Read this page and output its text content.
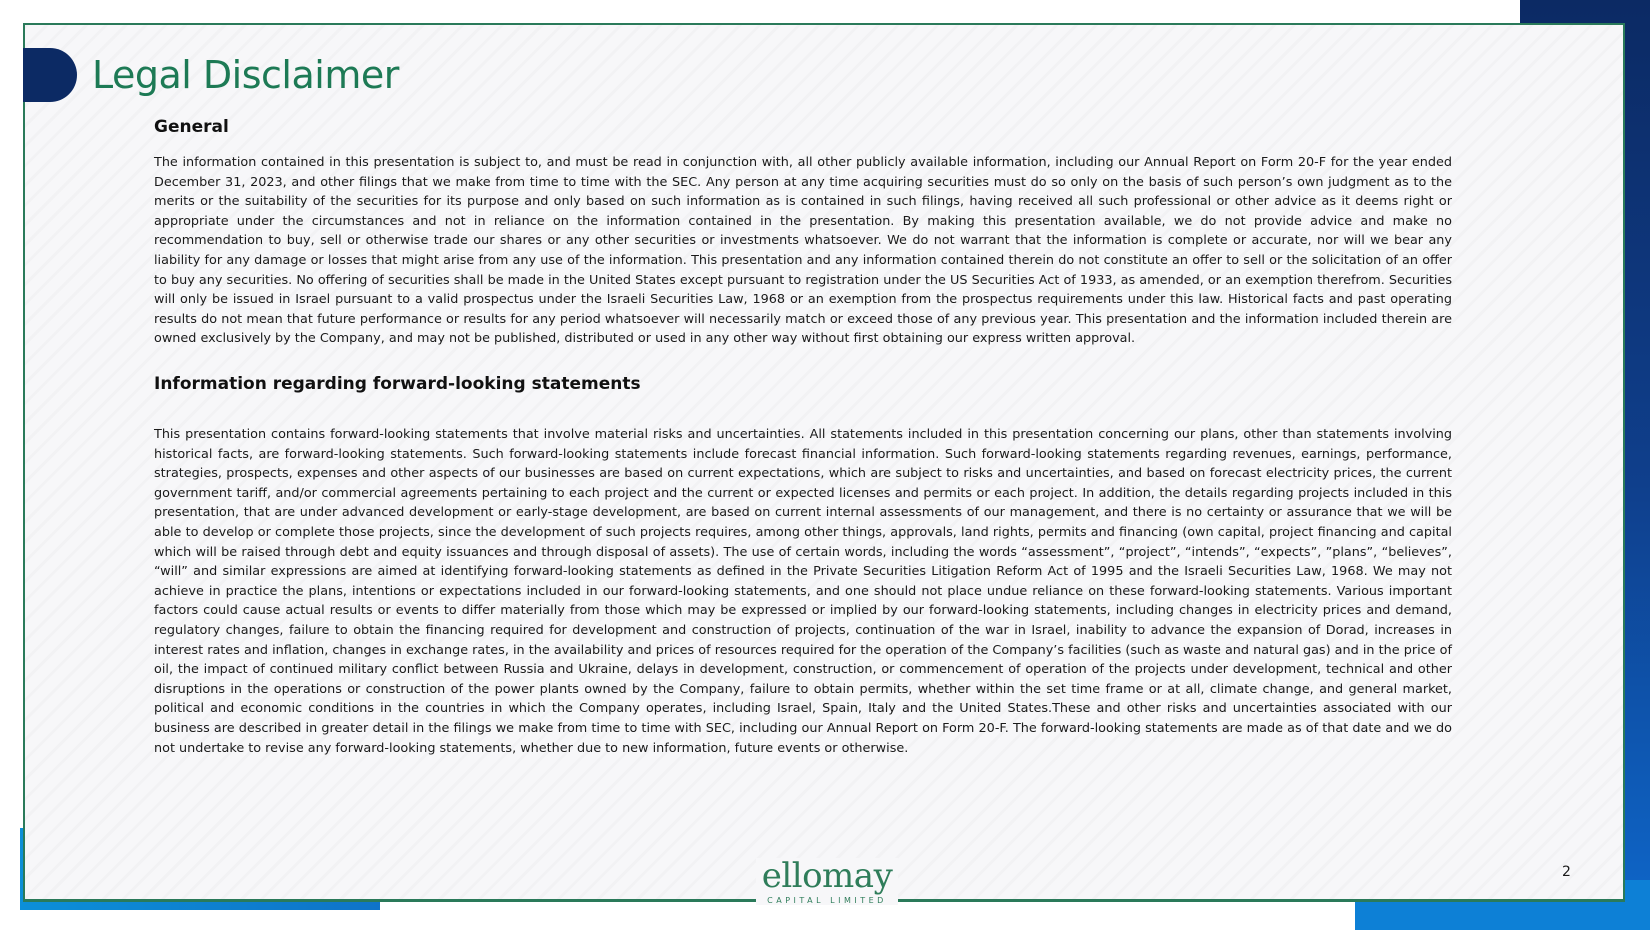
Legal Disclaimer
General

The information contained in this presentation is subject to, and must be read in conjunction with, all other publicly available information, including our Annual Report on Form 20-F for the year ended December 31, 2023, and other filings that we make from time to time with the SEC. Any person at any time acquiring securities must do so only on the basis of such person’s own judgment as to the merits or the suitability of the securities for its purpose and only based on such information as is contained in such filings, having received all such professional or other advice as it deems right or appropriate under the circumstances and not in reliance on the information contained in the presentation. By making this presentation available, we do not provide advice and make no recommendation to buy, sell or otherwise trade our shares or any other securities or investments whatsoever. We do not warrant that the information is complete or accurate, nor will we bear any liability for any damage or losses that might arise from any use of the information. This presentation and any information contained therein do not constitute an offer to sell or the solicitation of an offer to buy any securities. No offering of securities shall be made in the United States except pursuant to registration under the US Securities Act of 1933, as amended, or an exemption therefrom. Securities will only be issued in Israel pursuant to a valid prospectus under the Israeli Securities Law, 1968 or an exemption from the prospectus requirements under this law. Historical facts and past operating results do not mean that future performance or results for any period whatsoever will necessarily match or exceed those of any previous year. This presentation and the information included therein are owned exclusively by the Company, and may not be published, distributed or used in any other way without first obtaining our express written approval.

Information regarding forward-looking statements

This presentation contains forward-looking statements that involve material risks and uncertainties. All statements included in this presentation concerning our plans, other than statements involving historical facts, are forward-looking statements. Such forward-looking statements include forecast financial information. Such forward-looking statements regarding revenues, earnings, performance, strategies, prospects, expenses and other aspects of our businesses are based on current expectations, which are subject to risks and uncertainties, and based on forecast electricity prices, the current government tariff, and/or commercial agreements pertaining to each project and the current or expected licenses and permits or each project. In addition, the details regarding projects included in this presentation, that are under advanced development or early-stage development, are based on current internal assessments of our management, and there is no certainty or assurance that we will be able to develop or complete those projects, since the development of such projects requires, among other things, approvals, land rights, permits and financing (own capital, project financing and capital which will be raised through debt and equity issuances and through disposal of assets). The use of certain words, including the words “assessment”, “project”, “intends”, “expects”, ”plans”, “believes”, “will” and similar expressions are aimed at identifying forward-looking statements as defined in the Private Securities Litigation Reform Act of 1995 and the Israeli Securities Law, 1968. We may not achieve in practice the plans, intentions or expectations included in our forward-looking statements, and one should not place undue reliance on these forward-looking statements. Various important factors could cause actual results or events to differ materially from those which may be expressed or implied by our forward-looking statements, including changes in electricity prices and demand, regulatory changes, failure to obtain the financing required for development and construction of projects, continuation of the war in Israel, inability to advance the expansion of Dorad, increases in interest rates and inflation, changes in exchange rates, in the availability and prices of resources required for the operation of the Company’s facilities (such as waste and natural gas) and in the price of oil, the impact of continued military conflict between Russia and Ukraine, delays in development, construction, or commencement of operation of the projects under development, technical and other disruptions in the operations or construction of the power plants owned by the Company, failure to obtain permits, whether within the set time frame or at all, climate change, and general market, political and economic conditions in the countries in which the Company operates, including Israel, Spain, Italy and the United States.These and other risks and uncertainties associated with our business are described in greater detail in the filings we make from time to time with SEC, including our Annual Report on Form 20-F. The forward-looking statements are made as of that date and we do not undertake to revise any forward-looking statements, whether due to new information, future events or otherwise.

ellomay
CAPITAL LIMITED
2
